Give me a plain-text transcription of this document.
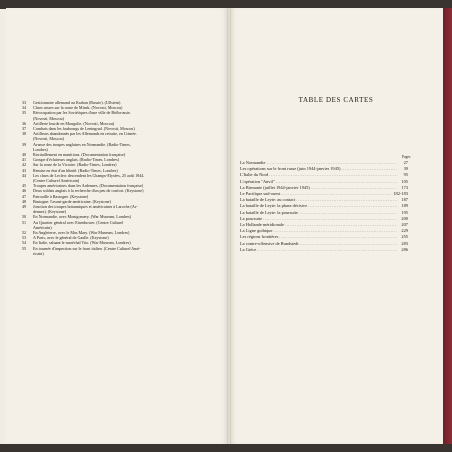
33	Gestionnaire allemand au Kraban (Russie). (Ullstein)
34	Chars russes sur la route de Minsk. (Novosti, Moscou)
35	Réoccupation par les Soviétiques d'une ville de Biélorussie.
(Novosti, Moscou)
36	Artillerie lourde en Mongolie. (Novosti, Moscou)
37	Combats dans les faubourgs de Leningrad. (Novosti, Moscou)
38	Artilleurs abandonnés par les Allemands en retraite, en Crimée.
(Novosti, Moscou)
39	Avance des troupes anglaises en Normandie. (Radio-Times,
Londres)
40	Ravitaillement en munitions. (Documentation française)
41	Groupe d'éclaireurs anglais. (Radio-Times, Londres)
42	Sur la route de la Victoire. (Radio-Times, Londres)
43	Remise en état d'un blindé. (Radio-Times, Londres)
44	Les chars de Leclerc descendent les Champs-Elysées, 25 août 1944.
(Centre Culturel Américain)
45	Troupes américaines dans les Ardennes. (Documentation française)
46	Deux soldats anglais à la recherche d'un peu de confort. (Keystone)
47	Patrouille à Bastogne. (Keystone)
48	Bastogne: l'avant-garde américaine. (Keystone)
49	Jonction des troupes britanniques et américaines à Laroche (Ar-
dennes). (Keystone)
50	En Normandie, avec Montgomery. (War Museum, Londres)
51	Au Quartier général avec Eisenhower. (Centre Culturel
Américain)
52	En Angleterre, avec le Mas Mary. (War Museum, Londres)
53	A Paris, avec le général de Gaulle. (Keystone)
54	En Italie, saluant le maréchal Tito. (War Museum, Londres)
55	En tournée d'inspection sur le front italien. (Centre Culturel Amé-
ricain)
TABLE DES CARTES
Pages
La Normandie .....	27
Les opérations sur le front russe (juin 1944-janvier 1945) .....	39
L'Italie du Nord .....	95
L'opération "Anvil" .....	105
La Birmanie (juillet 1944-janvier 1945) .....	173
Le Pacifique sud-ouest .....	182-183
La bataille de Leyte: au contact .....	187
La bataille de Leyte: la phase décisive .....	189
La bataille de Leyte: la poursuite .....	195
La poursuite .....	200
La Hollande méridionale .....	207
La Ligne gothique .....	229
Les régions frontières .....	255
La contre-offensive de Rundstedt .....	283
La Grèce .....	286
